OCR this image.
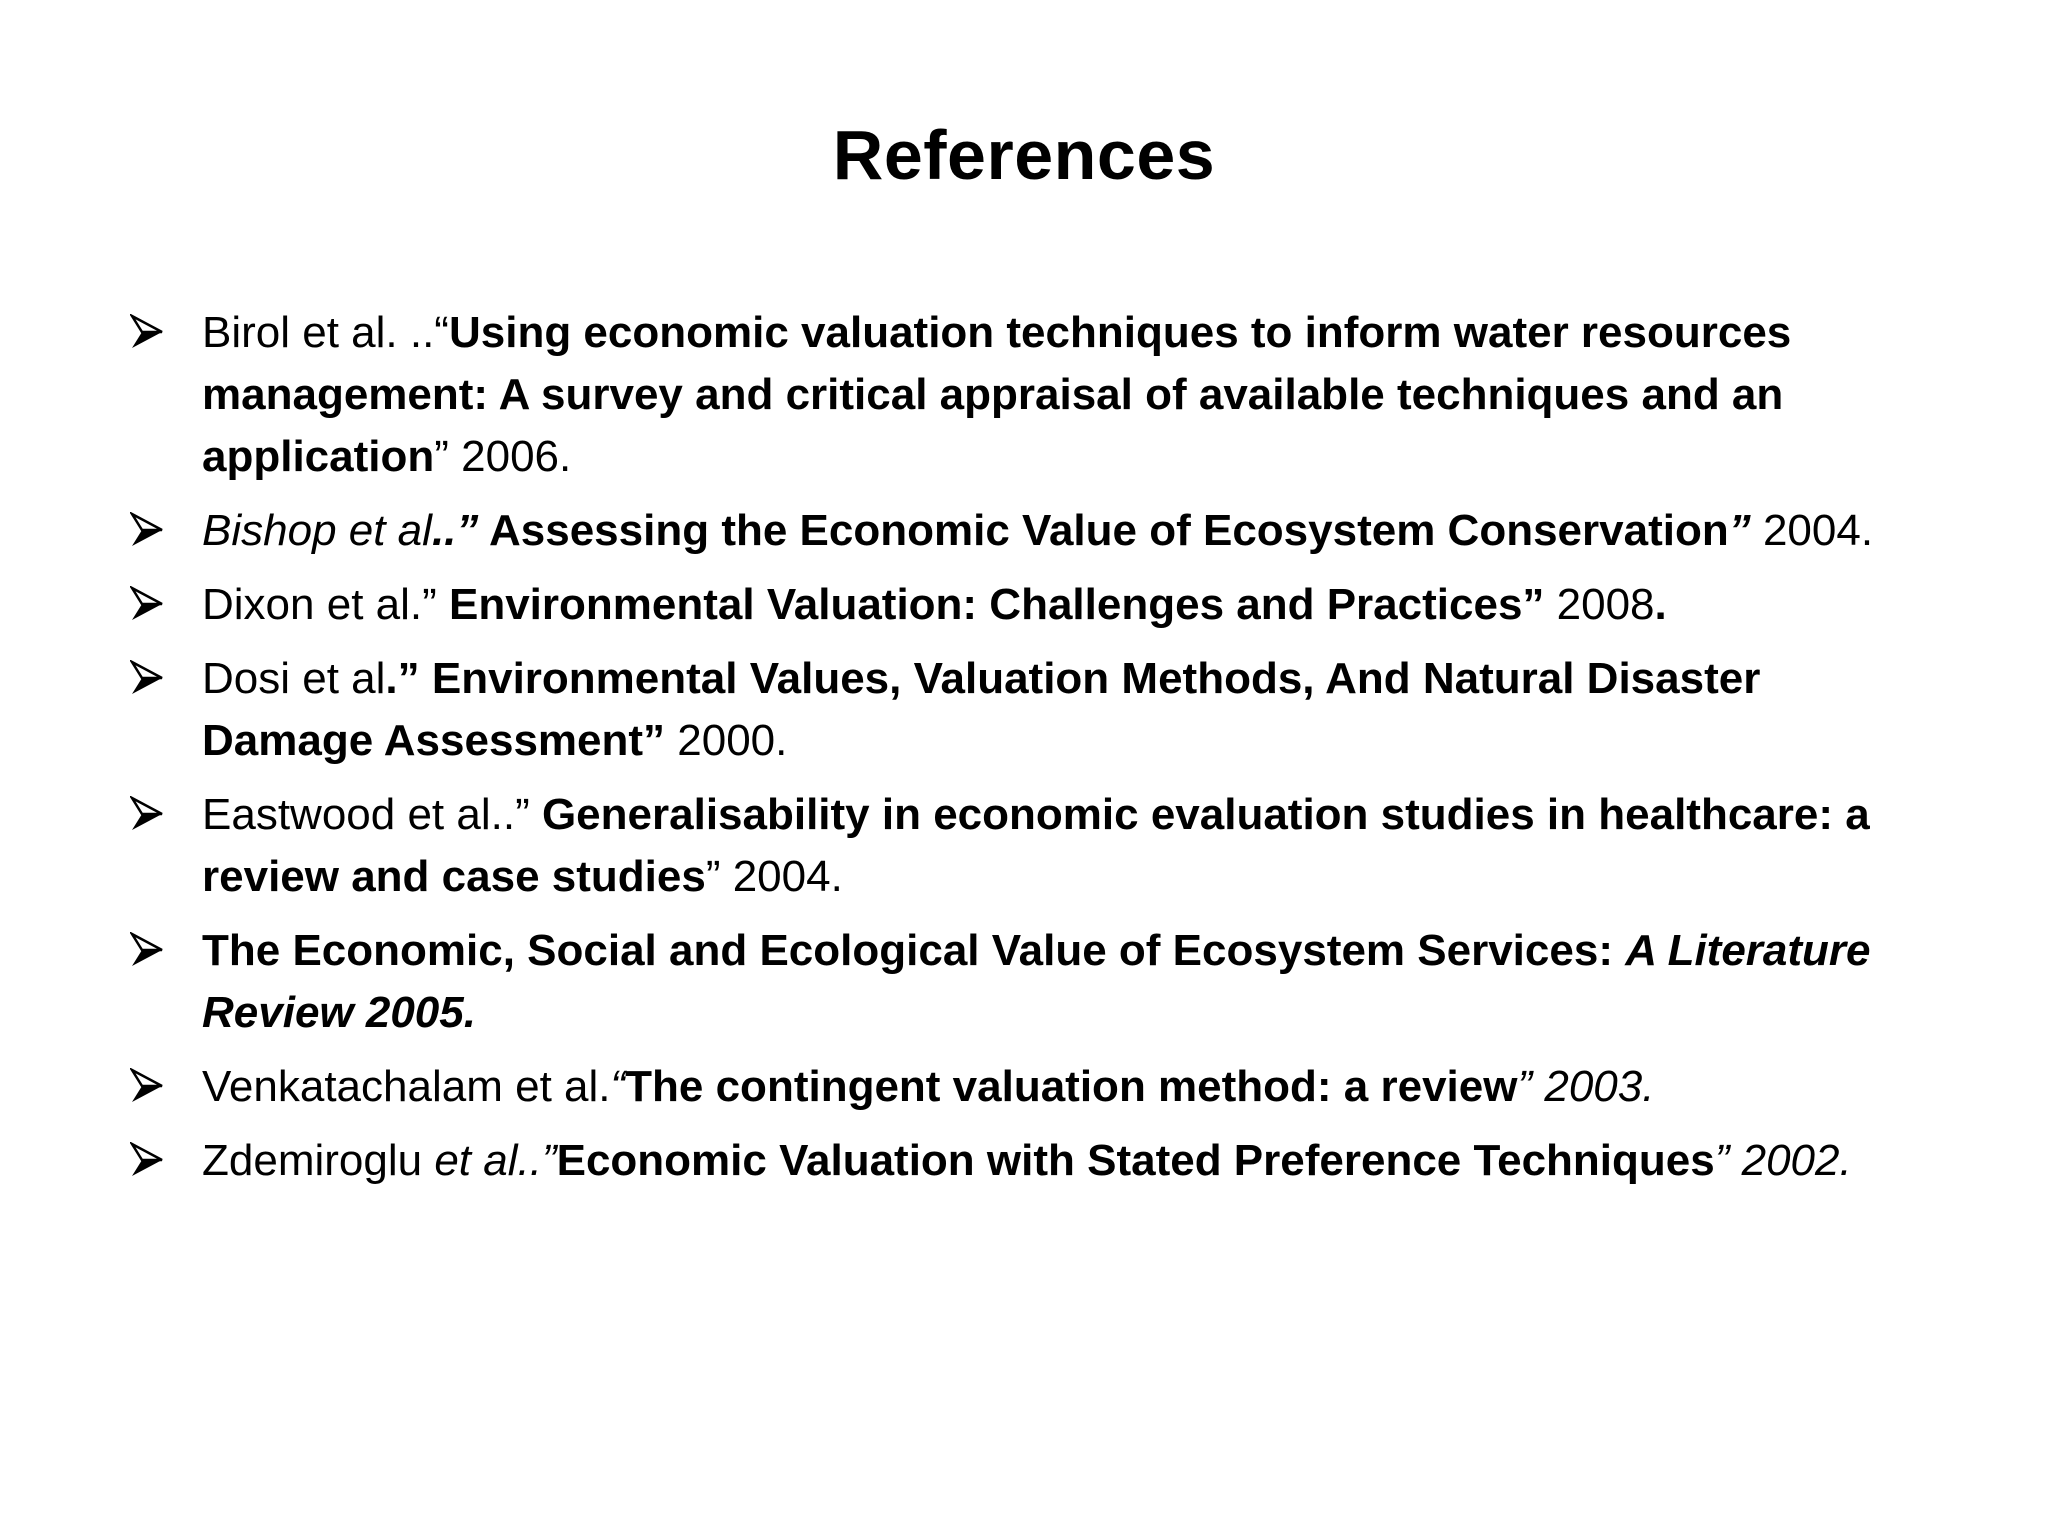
References
Birol et al. ..“Using economic valuation techniques to inform water resources management: A survey and critical appraisal of available techniques and an application” 2006.
Bishop et al..” Assessing the Economic Value of Ecosystem Conservation” 2004.
Dixon et al.” Environmental Valuation: Challenges and Practices” 2008.
Dosi et al.” Environmental Values, Valuation Methods, And Natural Disaster Damage Assessment” 2000.
Eastwood et al..” Generalisability in economic evaluation studies in healthcare: a review and case studies” 2004.
The Economic, Social and Ecological Value of Ecosystem Services: A Literature Review 2005.
Venkatachalam et al.“The contingent valuation method: a review” 2003.
Zdemiroglu et al..”Economic Valuation with Stated Preference Techniques” 2002.
